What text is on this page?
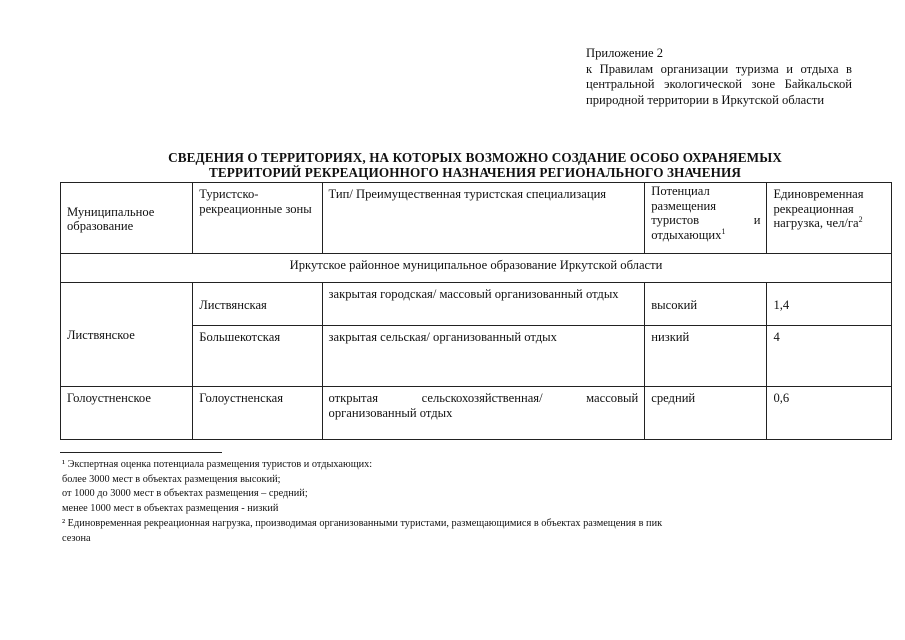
Приложение 2
к Правилам организации туризма и отдыха в центральной экологической зоне Байкальской природной территории в Иркутской области
СВЕДЕНИЯ О ТЕРРИТОРИЯХ, НА КОТОРЫХ ВОЗМОЖНО СОЗДАНИЕ ОСОБО ОХРАНЯЕМЫХ
ТЕРРИТОРИЙ РЕКРЕАЦИОННОГО НАЗНАЧЕНИЯ РЕГИОНАЛЬНОГО ЗНАЧЕНИЯ
Муниципальное образование	Туристско-рекреационные зоны	Тип/ Преимущественная туристская специализация	Потенциал размещения туристов и отдыхающих$^1$	Единовременная рекреационная нагрузка, чел/$га^2$
Иркутское районное муниципальное образование Иркутской области				
Листвянское	Листвянская	закрытая городская/ массовый организованный отдых	высокий	1,4
	Большекотская	закрытая сельская/ организованный отдых	низкий	4
Голоустненское	Голоустненская	открытая сельскохозяйственная/ массовый организованный отдых	средний	0,6
¹ Экспертная оценка потенциала размещения туристов и отдыхающих:
более 3000 мест в объектах размещения высокий;
от 1000 до 3000 мест в объектах размещения – средний;
менее 1000 мест в объектах размещения - низкий
² Единовременная рекреационная нагрузка, производимая организованными туристами, размещающимися в объектах размещения в пик
сезона
